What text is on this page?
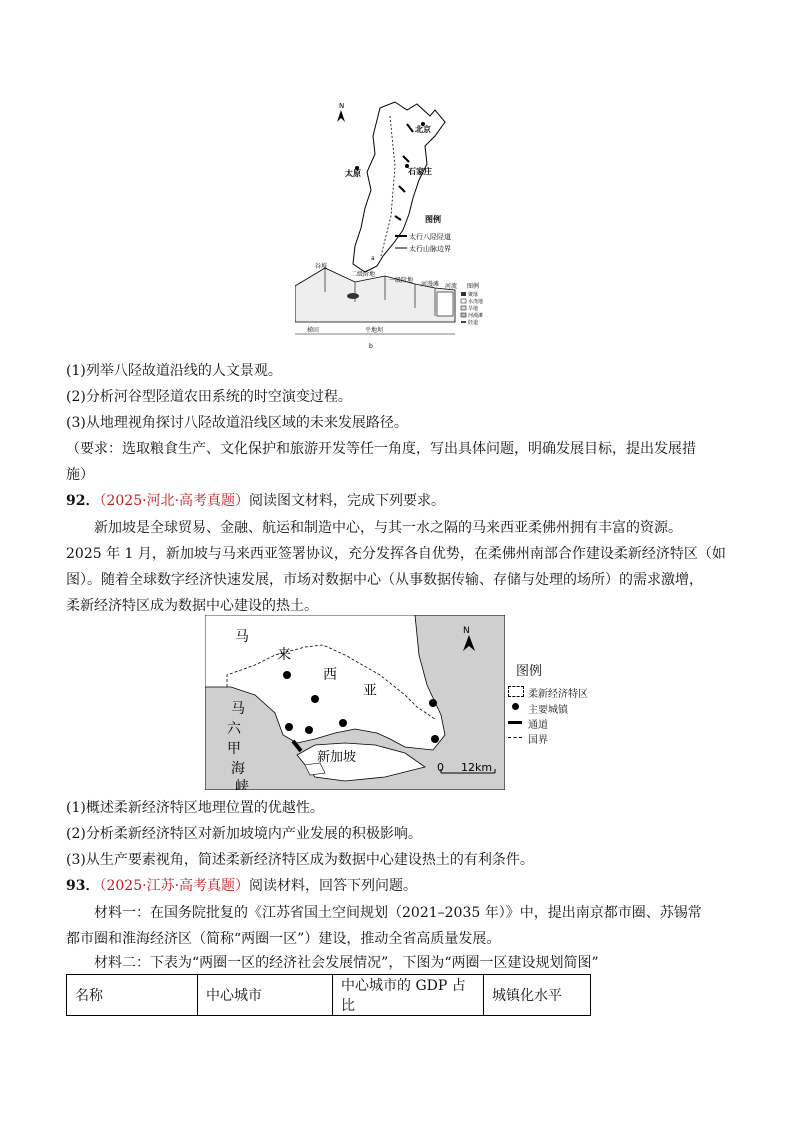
N
北京
石家庄
太原
图例
太行八陉陉道
太行山脉边界
a
谷坡
二级阶地
一级阶地
河漫滩 河流
梯田	平地坝
b
图例
聚落
水浇地
旱地
河漫滩
陉道
(1)列举八陉故道沿线的人文景观。
(2)分析河谷型陉道农田系统的时空演变过程。
(3)从地理视角探讨八陉故道沿线区域的未来发展路径。
（要求：选取粮食生产、文化保护和旅游开发等任一角度，写出具体问题，明确发展目标，提出发展措
施）
92．（2025·河北·高考真题）阅读图文材料，完成下列要求。
新加坡是全球贸易、金融、航运和制造中心，与其一水之隔的马来西亚柔佛州拥有丰富的资源。
2025 年 1 月，新加坡与马来西亚签署协议，充分发挥各自优势，在柔佛州南部合作建设柔新经济特区（如
图）。随着全球数字经济快速发展，市场对数据中心（从事数据传输、存储与处理的场所）的需求激增，
柔新经济特区成为数据中心建设的热土。
马
来
西
亚
马
六
甲
海
峡
新加坡
N
0 12km
图例
柔新经济特区
主要城镇
通道
国界
(1)概述柔新经济特区地理位置的优越性。
(2)分析柔新经济特区对新加坡境内产业发展的积极影响。
(3)从生产要素视角，简述柔新经济特区成为数据中心建设热土的有利条件。
93．（2025·江苏·高考真题）阅读材料，回答下列问题。
材料一：在国务院批复的《江苏省国土空间规划（2021–2035 年）》中，提出南京都市圈、苏锡常
都市圈和淮海经济区（简称“两圈一区”）建设，推动全省高质量发展。
材料二：下表为“两圈一区的经济社会发展情况”，下图为“两圈一区建设规划简图”
名称	中心城市	中心城市的 GDP 占比	城镇化水平
